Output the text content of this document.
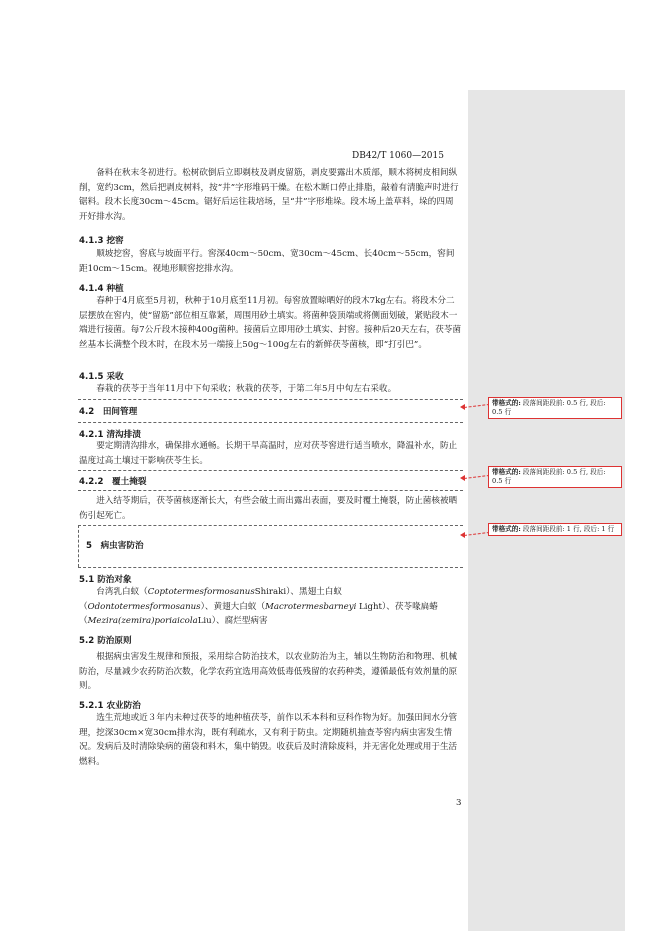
DB42/T 1060—2015

备料在秋末冬初进行。松树砍倒后立即剃枝及剥皮留筋，剥皮要露出木质部，顺木将树皮相间纵削，宽约3cm，然后把剥皮树料，按“井”字形堆码干燥。在松木断口停止排脂，敲着有清脆声时进行锯料。段木长度30cm～45cm。锯好后运往栽培场，呈“井”字形堆垛。段木场上盖草料，垛的四周开好排水沟。

4.1.3 挖窖

顺坡挖窖，窖底与坡面平行。窖深40cm～50cm、宽30cm～45cm、长40cm～55cm，窖间距10cm～15cm。视地形顺窖挖排水沟。

4.1.4 种植

春种于4月底至5月初，秋种于10月底至11月初。每窖放置晾晒好的段木7kg左右。将段木分二层摆放在窖内，使“留筋”部位相互靠紧，周围用砂土填实。将菌种袋顶端或将侧面划破，紧贴段木一端进行接菌。每7公斤段木接种400g菌种。接菌后立即用砂土填实、封窖。接种后20天左右，茯苓菌丝基本长满整个段木时，在段木另一端接上50g～100g左右的新鲜茯苓菌核，即“打引巴”。

4.1.5 采收

春栽的茯苓于当年11月中下旬采收；秋栽的茯苓，于第二年5月中旬左右采收。

4.2　田间管理

4.2.1 清沟排渍

要定期清沟排水，确保排水通畅。长期干旱高温时，应对茯苓窖进行适当喷水，降温补水，防止温度过高土壤过干影响茯苓生长。

4.2.2　覆土掩裂

进入结苓期后，茯苓菌核逐渐长大，有些会破土而出露出表面，要及时覆土掩裂，防止菌核被晒伤引起死亡。

5　病虫害防治

5.1 防治对象

台湾乳白蚁（CoptotermesformosanusShiraki）、黑翅土白蚁（Odontotermesformosanus）、黄翅大白蚁（Macrotermesbarneyi Light）、茯苓喙扁蝽（Mezira(zemira)poriaicolaLiu）、腐烂型病害

5.2 防治原则

根据病虫害发生规律和预报，采用综合防治技术，以农业防治为主，辅以生物防治和物理、机械防治，尽量减少农药防治次数，化学农药宜选用高效低毒低残留的农药种类，遵循最低有效剂量的原则。

5.2.1 农业防治

选生荒地或近３年内未种过茯苓的地种植茯苓，前作以禾本科和豆科作物为好。加强田间水分管理，挖深30cm×宽30cm排水沟，既有利疏水，又有利于防虫。定期随机抽查苓窖内病虫害发生情况。发病后及时清除染病的菌袋和料木，集中销毁。收获后及时清除废料，并无害化处理或用于生活燃料。

3
带格式的: 段落间距段前: 0.5 行, 段后: 0.5 行
带格式的: 段落间距段前: 0.5 行, 段后: 0.5 行
带格式的: 段落间距段前: 1 行, 段后: 1 行
